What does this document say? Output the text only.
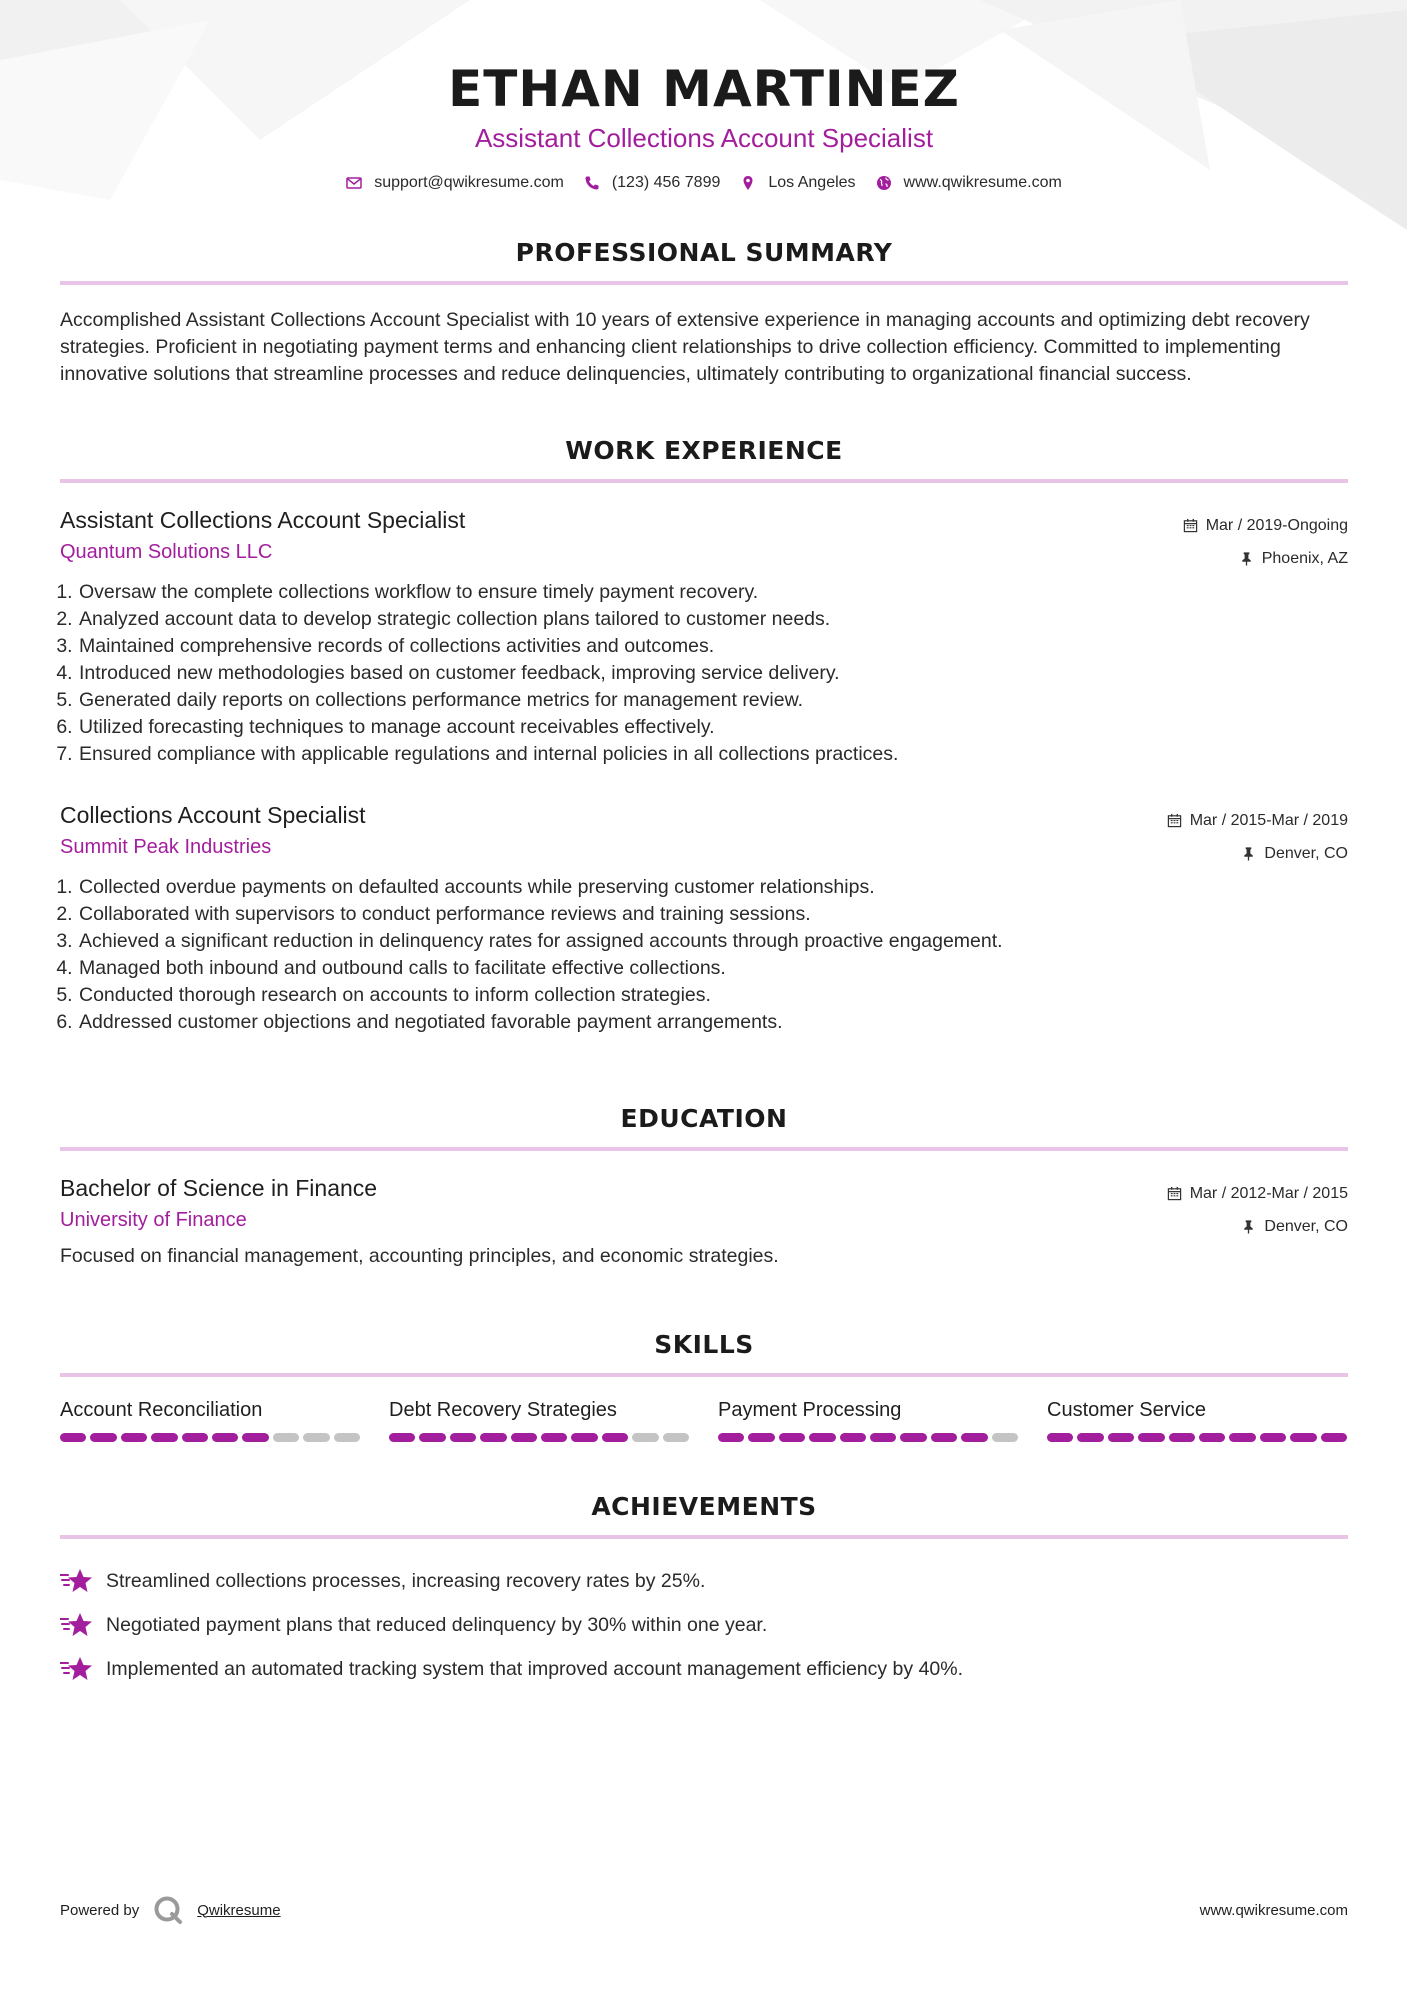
ETHAN MARTINEZ
Assistant Collections Account Specialist
support@qwikresume.com	(123) 456 7899	Los Angeles	www.qwikresume.com
PROFESSIONAL SUMMARY

Accomplished Assistant Collections Account Specialist with 10 years of extensive experience in managing accounts and optimizing debt recovery strategies. Proficient in negotiating payment terms and enhancing client relationships to drive collection efficiency. Committed to implementing innovative solutions that streamline processes and reduce delinquencies, ultimately contributing to organizational financial success.

WORK EXPERIENCE
Assistant Collections Account Specialist
Quantum Solutions LLC
Mar / 2019-Ongoing
Phoenix, AZ
1. Oversaw the complete collections workflow to ensure timely payment recovery.
2. Analyzed account data to develop strategic collection plans tailored to customer needs.
3. Maintained comprehensive records of collections activities and outcomes.
4. Introduced new methodologies based on customer feedback, improving service delivery.
5. Generated daily reports on collections performance metrics for management review.
6. Utilized forecasting techniques to manage account receivables effectively.
7. Ensured compliance with applicable regulations and internal policies in all collections practices.
Collections Account Specialist
Summit Peak Industries
Mar / 2015-Mar / 2019
Denver, CO
1. Collected overdue payments on defaulted accounts while preserving customer relationships.
2. Collaborated with supervisors to conduct performance reviews and training sessions.
3. Achieved a significant reduction in delinquency rates for assigned accounts through proactive engagement.
4. Managed both inbound and outbound calls to facilitate effective collections.
5. Conducted thorough research on accounts to inform collection strategies.
6. Addressed customer objections and negotiated favorable payment arrangements.
EDUCATION
Bachelor of Science in Finance
University of Finance
Mar / 2012-Mar / 2015
Denver, CO

Focused on financial management, accounting principles, and economic strategies.

SKILLS
Account Reconciliation	Debt Recovery Strategies	Payment Processing	Customer Service
ACHIEVEMENTS
Streamlined collections processes, increasing recovery rates by 25%.
Negotiated payment plans that reduced delinquency by 30% within one year.
Implemented an automated tracking system that improved account management efficiency by 40%.
Powered by	Qwikresume	www.qwikresume.com
